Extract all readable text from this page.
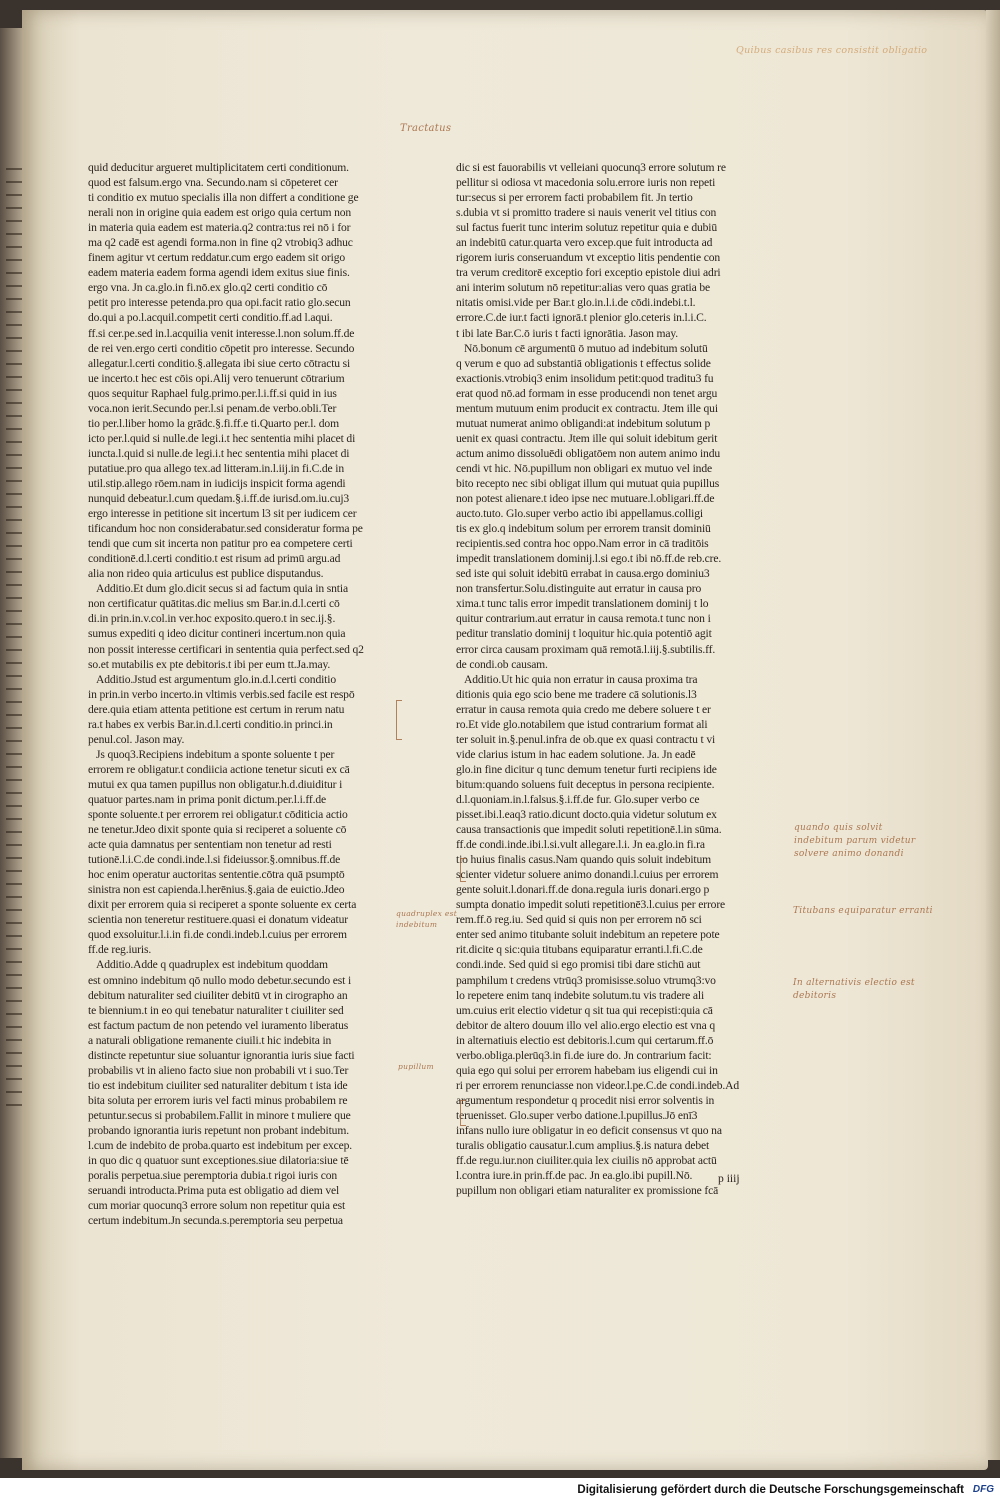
Quibus casibus res consistit obligatio
Tractatus

quid deducitur argueret multiplicitatem certi conditionum.

quod est falsum.ergo vna. Secundo.nam si cōpeteret cer

ti conditio ex mutuo specialis illa non differt a conditione ge

nerali non in origine quia eadem est origo quia certum non

in materia quia eadem est materia.q2 contra:tus rei nō i for

ma q2 cadē est agendi forma.non in fine q2 vtrobiq3 adhuc

finem agitur vt certum reddatur.cum ergo eadem sit origo

eadem materia eadem forma agendi idem exitus siue finis.

ergo vna. Jn ca.glo.in fi.nō.ex glo.q2 certi conditio cō

petit pro interesse petenda.pro qua opi.facit ratio glo.secun

do.qui a po.l.acquil.competit certi conditio.ff.ad l.aqui.

ff.si cer.pe.sed in.l.acquilia venit interesse.l.non solum.ff.de

de rei ven.ergo certi conditio cōpetit pro interesse. Secundo

allegatur.l.certi conditio.§.allegata ibi siue certo cōtractu si

ue incerto.t hec est cōis opi.Alij vero tenuerunt cōtrarium

quos sequitur Raphael fulg.primo.per.l.i.ff.si quid in ius

voca.non ierit.Secundo per.l.si penam.de verbo.obli.Ter

tio per.l.liber homo la grādc.§.fi.ff.e ti.Quarto per.l. dom

icto per.l.quid si nulle.de legi.i.t hec sententia mihi placet di

iuncta.l.quid si nulle.de legi.i.t hec sententia mihi placet di

putatiue.pro qua allego tex.ad litteram.in.l.iij.in fi.C.de in

util.stip.allego rōem.nam in iudicijs inspicit forma agendi

nunquid debeatur.l.cum quedam.§.i.ff.de iurisd.om.iu.cuj3

ergo interesse in petitione sit incertum l3 sit per iudicem cer

tificandum hoc non considerabatur.sed consideratur forma pe

tendi que cum sit incerta non patitur pro ea competere certi

conditionē.d.l.certi conditio.t est risum ad primū argu.ad

alia non rideo quia articulus est publice disputandus.

Additio.Et dum glo.dicit secus si ad factum quia in sntia

non certificatur quātitas.dic melius sm Bar.in.d.l.certi cō

di.in prin.in.v.col.in ver.hoc exposito.quero.t in sec.ij.§.

sumus expediti q ideo dicitur contineri incertum.non quia

non possit interesse certificari in sententia quia perfect.sed q2

so.et mutabilis ex pte debitoris.t ibi per eum tt.Ja.may.

Additio.Jstud est argumentum glo.in.d.l.certi conditio

in prin.in verbo incerto.in vltimis verbis.sed facile est respō

dere.quia etiam attenta petitione est certum in rerum natu

ra.t habes ex verbis Bar.in.d.l.certi conditio.in princi.in

penul.col. Jason may.

Js quoq3.Recipiens indebitum a sponte soluente t per

errorem re obligatur.t condiicia actione tenetur sicuti ex cā

mutui ex qua tamen pupillus non obligatur.h.d.diuiditur i

quatuor partes.nam in prima ponit dictum.per.l.i.ff.de

sponte soluente.t per errorem rei obligatur.t cōditicia actio

ne tenetur.Jdeo dixit sponte quia si reciperet a soluente cō

acte quia damnatus per sententiam non tenetur ad resti

tutionē.l.i.C.de condi.inde.l.si fideiussor.§.omnibus.ff.de

hoc enim operatur auctoritas sententie.cōtra quā psumptō

sinistra non est capienda.l.herēnius.§.gaia de euictio.Jdeo

dixit per errorem quia si reciperet a sponte soluente ex certa

scientia non teneretur restituere.quasi ei donatum videatur

quod exsoluitur.l.i.in fi.de condi.indeb.l.cuius per errorem

ff.de reg.iuris.

Additio.Adde q quadruplex est indebitum quoddam

est omnino indebitum qō nullo modo debetur.secundo est i

debitum naturaliter sed ciuiliter debitū vt in cirographo an

te biennium.t in eo qui tenebatur naturaliter t ciuiliter sed

est factum pactum de non petendo vel iuramento liberatus

a naturali obligatione remanente ciuili.t hic indebita in

distincte repetuntur siue soluantur ignorantia iuris siue facti

probabilis vt in alieno facto siue non probabili vt i suo.Ter

tio est indebitum ciuiliter sed naturaliter debitum t ista ide

bita soluta per errorem iuris vel facti minus probabilem re

petuntur.secus si probabilem.Fallit in minore t muliere que

probando ignorantia iuris repetunt non probant indebitum.

l.cum de indebito de proba.quarto est indebitum per excep.

in quo dic q quatuor sunt exceptiones.siue dilatoria:siue tē

poralis perpetua.siue peremptoria dubia.t rigoi iuris con

seruandi introducta.Prima puta est obligatio ad diem vel

cum moriar quocunq3 errore solum non repetitur quia est

certum indebitum.Jn secunda.s.peremptoria seu perpetua

dic si est fauorabilis vt velleiani quocunq3 errore solutum re

pellitur si odiosa vt macedonia solu.errore iuris non repeti

tur:secus si per errorem facti probabilem fit. Jn tertio

s.dubia vt si promitto tradere si nauis venerit vel titius con

sul factus fuerit tunc interim solutuz repetitur quia e dubiū

an indebitū catur.quarta vero excep.que fuit introducta ad

rigorem iuris conseruandum vt exceptio litis pendentie con

tra verum creditorē exceptio fori exceptio epistole diui adri

ani interim solutum nō repetitur:alias vero quas gratia be

nitatis omisi.vide per Bar.t glo.in.l.i.de cōdi.indebi.t.l.

errore.C.de iur.t facti ignorā.t plenior glo.ceteris in.l.i.C.

t ibi late Bar.C.ō iuris t facti ignorātia. Jason may.

Nō.bonum cē argumentū ō mutuo ad indebitum solutū

q verum e quo ad substantiā obligationis t effectus solide

exactionis.vtrobiq3 enim insolidum petit:quod traditu3 fu

erat quod nō.ad formam in esse producendi non tenet argu

mentum mutuum enim producit ex contractu. Jtem ille qui

mutuat numerat animo obligandi:at indebitum solutum p

uenit ex quasi contractu. Jtem ille qui soluit idebitum gerit

actum animo dissoluēdi obligatōem non autem animo indu

cendi vt hic. Nō.pupillum non obligari ex mutuo vel inde

bito recepto nec sibi obligat illum qui mutuat quia pupillus

non potest alienare.t ideo ipse nec mutuare.l.obligari.ff.de

aucto.tuto. Glo.super verbo actio ibi appellamus.colligi

tis ex glo.q indebitum solum per errorem transit dominiū

recipientis.sed contra hoc oppo.Nam error in cā traditōis

impedit translationem dominij.l.si ego.t ibi nō.ff.de reb.cre.

sed iste qui soluit idebitū errabat in causa.ergo dominiu3

non transfertur.Solu.distinguite aut erratur in causa pro

xima.t tunc talis error impedit translationem dominij t lo

quitur contrarium.aut erratur in causa remota.t tunc non i

peditur translatio dominij t loquitur hic.quia potentiō agit

error circa causam proximam quā remotā.l.iij.§.subtilis.ff.

de condi.ob causam.

Additio.Ut hic quia non erratur in causa proxima tra

ditionis quia ego scio bene me tradere cā solutionis.l3

erratur in causa remota quia credo me debere soluere t er

ro.Et vide glo.notabilem que istud contrarium format ali

ter soluit in.§.penul.infra de ob.que ex quasi contractu t vi

vide clarius istum in hac eadem solutione. Ja. Jn eadē

glo.in fine dicitur q tunc demum tenetur furti recipiens ide

bitum:quando soluens fuit deceptus in persona recipiente.

d.l.quoniam.in.l.falsus.§.i.ff.de fur. Glo.super verbo ce

pisset.ibi.l.eaq3 ratio.dicunt docto.quia videtur solutum ex

causa transactionis que impedit soluti repetitionē.l.in sūma.

ff.de condi.inde.ibi.l.si.vult allegare.l.i. Jn ea.glo.in fi.ra

tio huius finalis casus.Nam quando quis soluit indebitum

scienter videtur soluere animo donandi.l.cuius per errorem

gente soluit.l.donari.ff.de dona.regula iuris donari.ergo p

sumpta donatio impedit soluti repetitionē3.l.cuius per errore

rem.ff.ō reg.iu. Sed quid si quis non per errorem nō sci

enter sed animo titubante soluit indebitum an repetere pote

rit.dicite q sic:quia titubans equiparatur erranti.l.fi.C.de

condi.inde. Sed quid si ego promisi tibi dare stichū aut

pamphilum t credens vtrūq3 promisisse.soluo vtrumq3:vo

lo repetere enim tanq indebite solutum.tu vis tradere ali

um.cuius erit electio videtur q sit tua qui recepisti:quia cā

debitor de altero douum illo vel alio.ergo electio est vna q

in alternatiuis electio est debitoris.l.cum qui certarum.ff.ō

verbo.obliga.plerūq3.in fi.de iure do. Jn contrarium facit:

quia ego qui solui per errorem habebam ius eligendi cui in

ri per errorem renunciasse non videor.l.pe.C.de condi.indeb.Ad

argumentum respondetur q procedit nisi error solventis in

teruenisset. Glo.super verbo datione.l.pupillus.Jō enī3

infans nullo iure obligatur in eo deficit consensus vt quo na

turalis obligatio causatur.l.cum amplius.§.is natura debet

ff.de regu.iur.non ciuiliter.quia lex ciuilis nō approbat actū

l.contra iure.in prin.ff.de pac. Jn ea.glo.ibi pupill.Nō.

pupillum non obligari etiam naturaliter ex promissione fcā

quando quis solvit indebitum parum videtur solvere animo donandi
Titubans equiparatur erranti
In alternativis electio est debitoris
quadruplex est indebitum
pupillum
p iiij
Digitalisierung gefördert durch die Deutsche Forschungsgemeinschaft DFG
